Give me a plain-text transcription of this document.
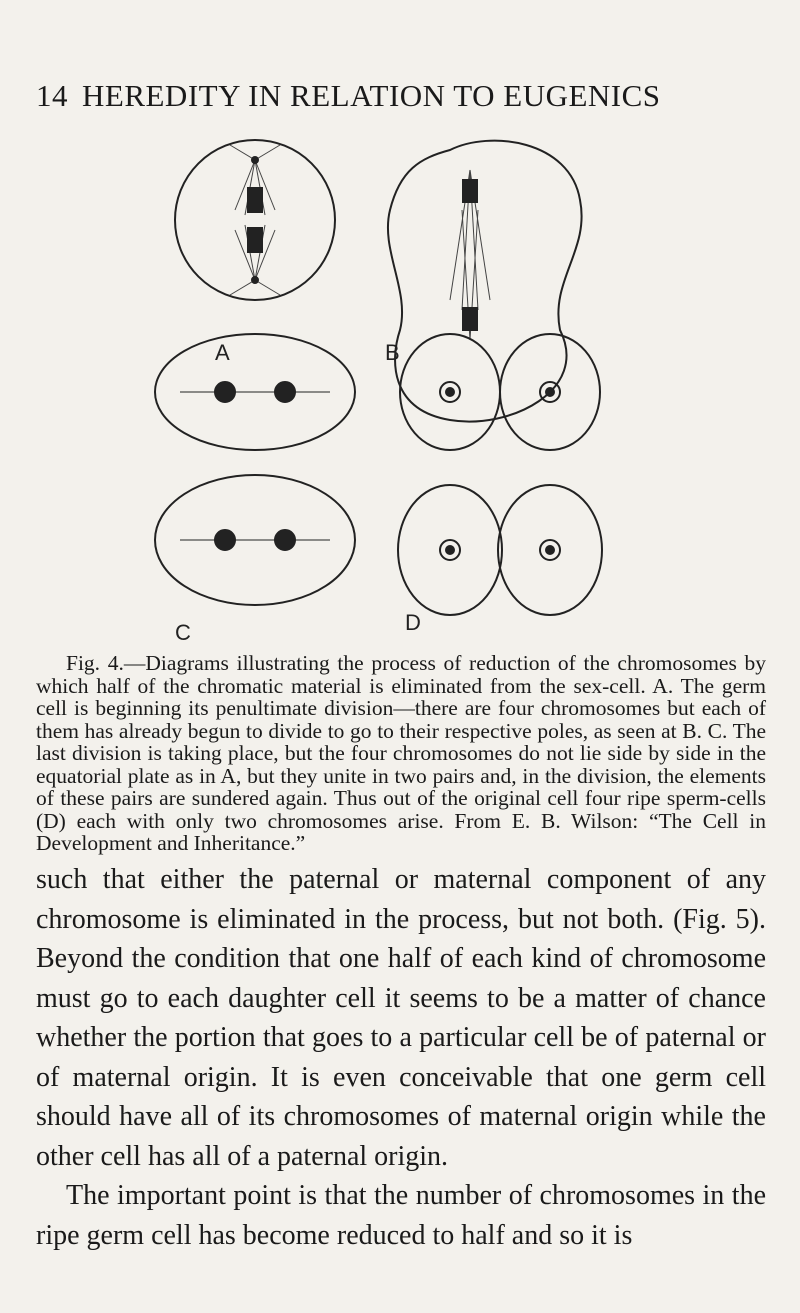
14 HEREDITY IN RELATION TO EUGENICS
A	B
C	D

Fig. 4.—Diagrams illustrating the process of reduction of the chromosomes by which half of the chromatic material is eliminated from the sex-cell. A. The germ cell is beginning its penultimate division—there are four chromosomes but each of them has already begun to divide to go to their respective poles, as seen at B. C. The last division is taking place, but the four chromosomes do not lie side by side in the equatorial plate as in A, but they unite in two pairs and, in the division, the elements of these pairs are sundered again. Thus out of the original cell four ripe sperm-cells (D) each with only two chromosomes arise. From E. B. Wilson: “The Cell in Development and Inheritance.”

such that either the paternal or maternal component of any chromosome is eliminated in the process, but not both. (Fig. 5). Beyond the condition that one half of each kind of chromosome must go to each daughter cell it seems to be a matter of chance whether the portion that goes to a particular cell be of paternal or of maternal origin. It is even conceivable that one germ cell should have all of its chromosomes of maternal origin while the other cell has all of a paternal origin.

The important point is that the number of chromosomes in the ripe germ cell has become reduced to half and so it is
